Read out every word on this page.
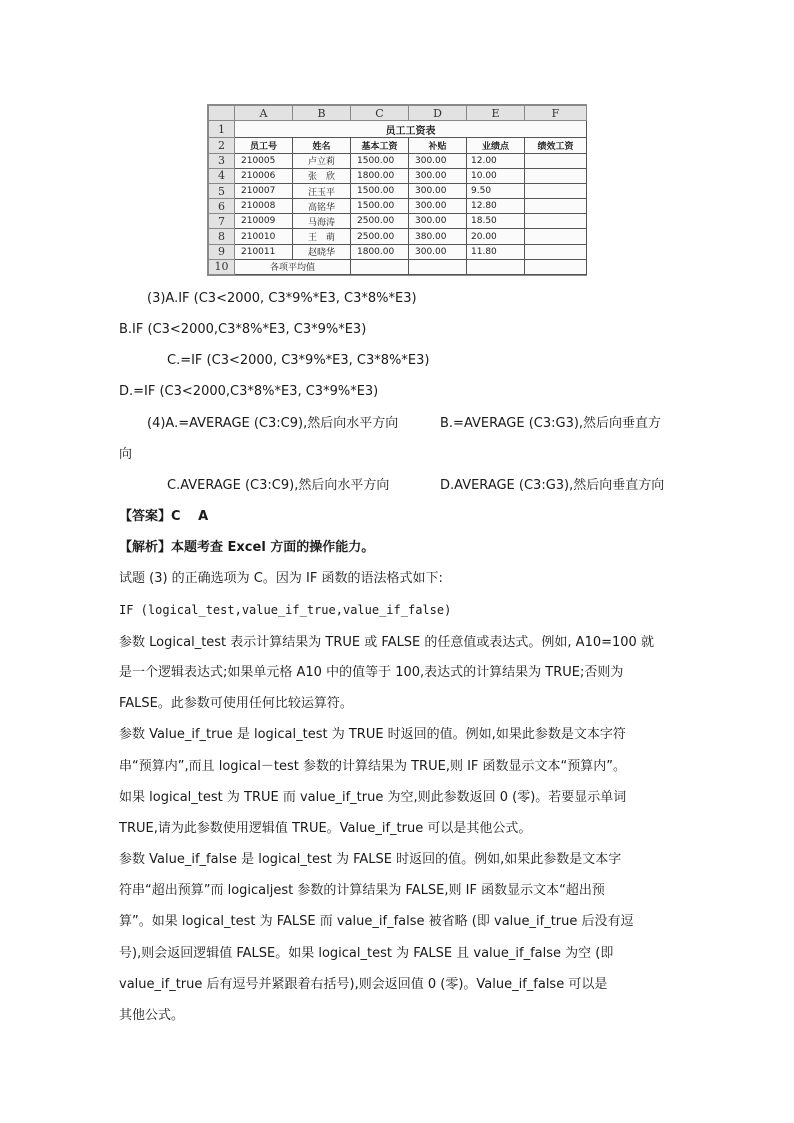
	A	B	C	D	E	F
1	员工工资表					
2	员工号	姓名	基本工资	补贴	业绩点	绩效工资
3	210005	卢立莉	1500.00	300.00	12.00	
4	210006	张　欣	1800.00	300.00	10.00	
5	210007	汪玉平	1500.00	300.00	9.50	
6	210008	高铭华	1500.00	300.00	12.80	
7	210009	马海涛	2500.00	300.00	18.50	
8	210010	王　萌	2500.00	380.00	20.00	
9	210011	赵晓华	1800.00	300.00	11.80	
10	各项平均值					
(3)A.IF (C3<2000, C3*9%*E3, C3*8%*E3)
B.IF (C3<2000,C3*8%*E3, C3*9%*E3)
C.=IF (C3<2000, C3*9%*E3, C3*8%*E3)
D.=IF (C3<2000,C3*8%*E3, C3*9%*E3)
(4)A.=AVERAGE (C3:C9),然后向水平方向	B.=AVERAGE (C3:G3),然后向垂直方
向
C.AVERAGE (C3:C9),然后向水平方向	D.AVERAGE (C3:G3),然后向垂直方向
【答案】C　 A
【解析】本题考查 Excel 方面的操作能力。
试题 (3) 的正确选项为 C。因为 IF 函数的语法格式如下:
IF (logical_test,value_if_true,value_if_false)
参数 Logical_test 表示计算结果为 TRUE 或 FALSE 的任意值或表达式。例如, A10=100 就
是一个逻辑表达式;如果单元格 A10 中的值等于 100,表达式的计算结果为 TRUE;否则为
FALSE。此参数可使用任何比较运算符。
参数 Value_if_true 是 logical_test 为 TRUE 时返回的值。例如,如果此参数是文本字符
串“预算内”,而且 logical－test 参数的计算结果为 TRUE,则 IF 函数显示文本“预算内”。
如果 logical_test 为 TRUE 而 value_if_true 为空,则此参数返回 0 (零)。若要显示单词
TRUE,请为此参数使用逻辑值 TRUE。Value_if_true 可以是其他公式。
参数 Value_if_false 是 logical_test 为 FALSE 时返回的值。例如,如果此参数是文本字
符串“超出预算”而 logicaljest 参数的计算结果为 FALSE,则 IF 函数显示文本“超出预
算”。如果 logical_test 为 FALSE 而 value_if_false 被省略 (即 value_if_true 后没有逗
号),则会返回逻辑值 FALSE。如果 logical_test 为 FALSE 且 value_if_false 为空 (即
value_if_true 后有逗号并紧跟着右括号),则会返回值 0 (零)。Value_if_false 可以是
其他公式。
